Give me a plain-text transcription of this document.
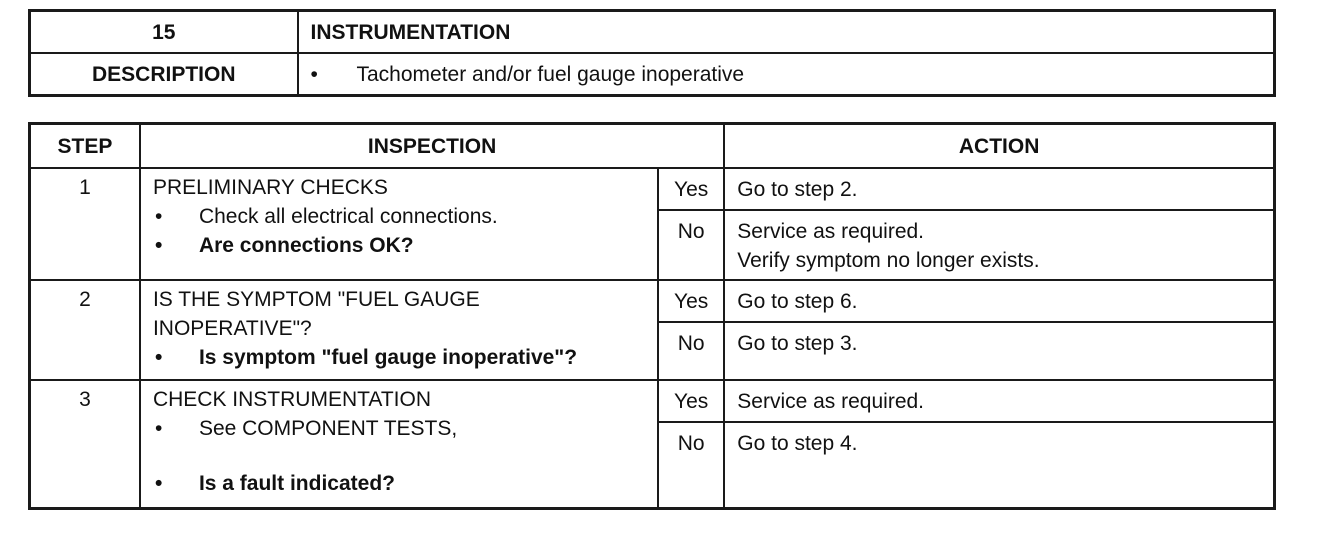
15	INSTRUMENTATION
DESCRIPTION	• Tachometer and/or fuel gauge inoperative
STEP	INSPECTION		ACTION
1	PRELIMINARY CHECKS
• Check all electrical connections.
• Are connections OK?	Yes	Go to step 2.
		No	Service as required.
Verify symptom no longer exists.

2	IS THE SYMPTOM "FUEL GAUGE
INOPERATIVE"?
• Is symptom "fuel gauge inoperative"?	Yes	Go to step 6.
		No	Go to step 3.
3	CHECK INSTRUMENTATION
• See COMPONENT TESTS,
• Is a fault indicated?	Yes	Service as required.
		No	Go to step 4.
